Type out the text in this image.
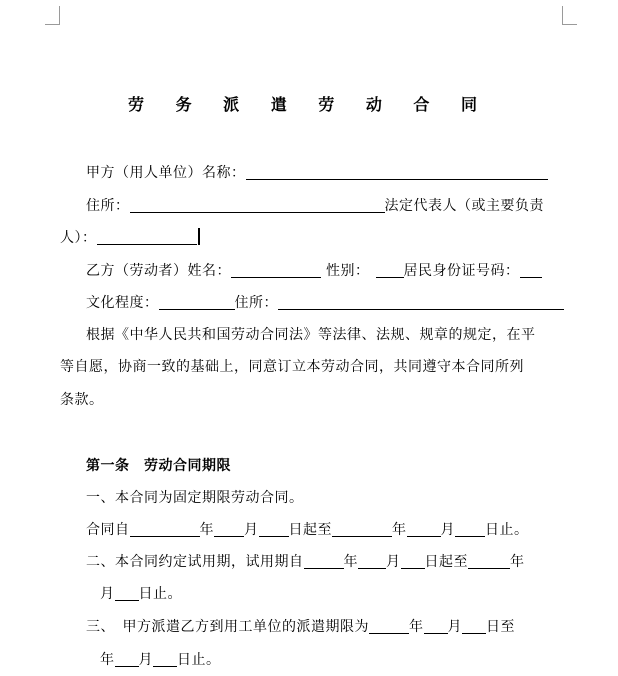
劳 务 派 遣 劳 动 合 同
甲方（用人单位）名称：
住所：	法定代表人（或主要负责
人）：
乙方（劳动者）姓名：	性别： 居民身份证号码：
文化程度：	住所：
根据《中华人民共和国劳动合同法》等法律、法规、规章的规定，在平
等自愿，协商一致的基础上，同意订立本劳动合同，共同遵守本合同所列
条款。
第一条　劳动合同期限
一、本合同为固定期限劳动合同。
合同自	年 月 日起至	年 月 日止。
二、本合同约定试用期，试用期自	年 月 日起至	年
月 日止。
三、　甲方派遣乙方到用工单位的派遣期限为	年 月 日至
年 月 日止。
